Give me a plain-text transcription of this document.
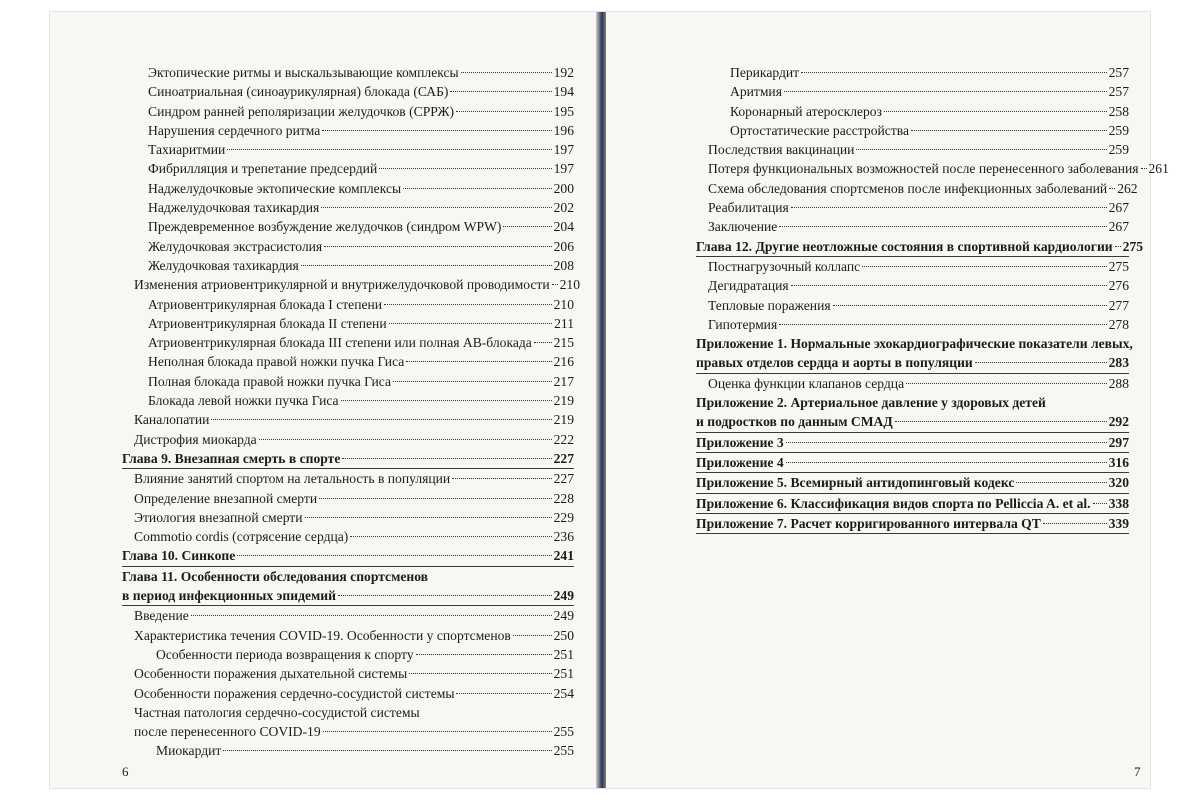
Эктопические ритмы и выскальзывающие комплексы	192
Синоатриальная (синоаурикулярная) блокада (САБ)	194
Синдром ранней реполяризации желудочков (СРРЖ)	195
Нарушения сердечного ритма	196
Тахиаритмии	197
Фибрилляция и трепетание предсердий	197
Наджелудочковые эктопические комплексы	200
Наджелудочковая тахикардия	202
Преждевременное возбуждение желудочков (синдром WPW)	204
Желудочковая экстрасистолия	206
Желудочковая тахикардия	208
Изменения атриовентрикулярной и внутрижелудочковой проводимости 210
Атриовентрикулярная блокада I степени	210
Атриовентрикулярная блокада II степени	211
Атриовентрикулярная блокада III степени или полная АВ-блокада 215
Неполная блокада правой ножки пучка Гиса	216
Полная блокада правой ножки пучка Гиса	217
Блокада левой ножки пучка Гиса	219
Каналопатии	219
Дистрофия миокарда	222
Глава 9. Внезапная смерть в спорте	227
Влияние занятий спортом на летальность в популяции	227
Определение внезапной смерти	228
Этиология внезапной смерти	229
Commotio cordis (сотрясение сердца)	236
Глава 10. Синкопе	241
Глава 11. Особенности обследования спортсменов
в период инфекционных эпидемий	249
Введение	249
Характеристика течения COVID-19. Особенности у спортсменов	250
Особенности периода возвращения к спорту	251
Особенности поражения дыхательной системы	251
Особенности поражения сердечно-сосудистой системы	254
Частная патология сердечно-сосудистой системы
после перенесенного COVID-19	255
Миокардит	255
6
Перикардит	257
Аритмия	257
Коронарный атеросклероз	258
Ортостатические расстройства	259
Последствия вакцинации	259
Потеря функциональных возможностей после перенесенного заболевания 261
Схема обследования спортсменов после инфекционных заболеваний 262
Реабилитация	267
Заключение	267
Глава 12. Другие неотложные состояния в спортивной кардиологии 275
Постнагрузочный коллапс	275
Дегидратация	276
Тепловые поражения	277
Гипотермия	278
Приложение 1. Нормальные эхокардиографические показатели левых,
правых отделов сердца и аорты в популяции	283
Оценка функции клапанов сердца	288
Приложение 2. Артериальное давление у здоровых детей
и подростков по данным СМАД	292
Приложение 3	297
Приложение 4	316
Приложение 5. Всемирный антидопинговый кодекс	320
Приложение 6. Классификация видов спорта по Pelliccia A. et al. 338
Приложение 7. Расчет корригированного интервала QT	339
7
